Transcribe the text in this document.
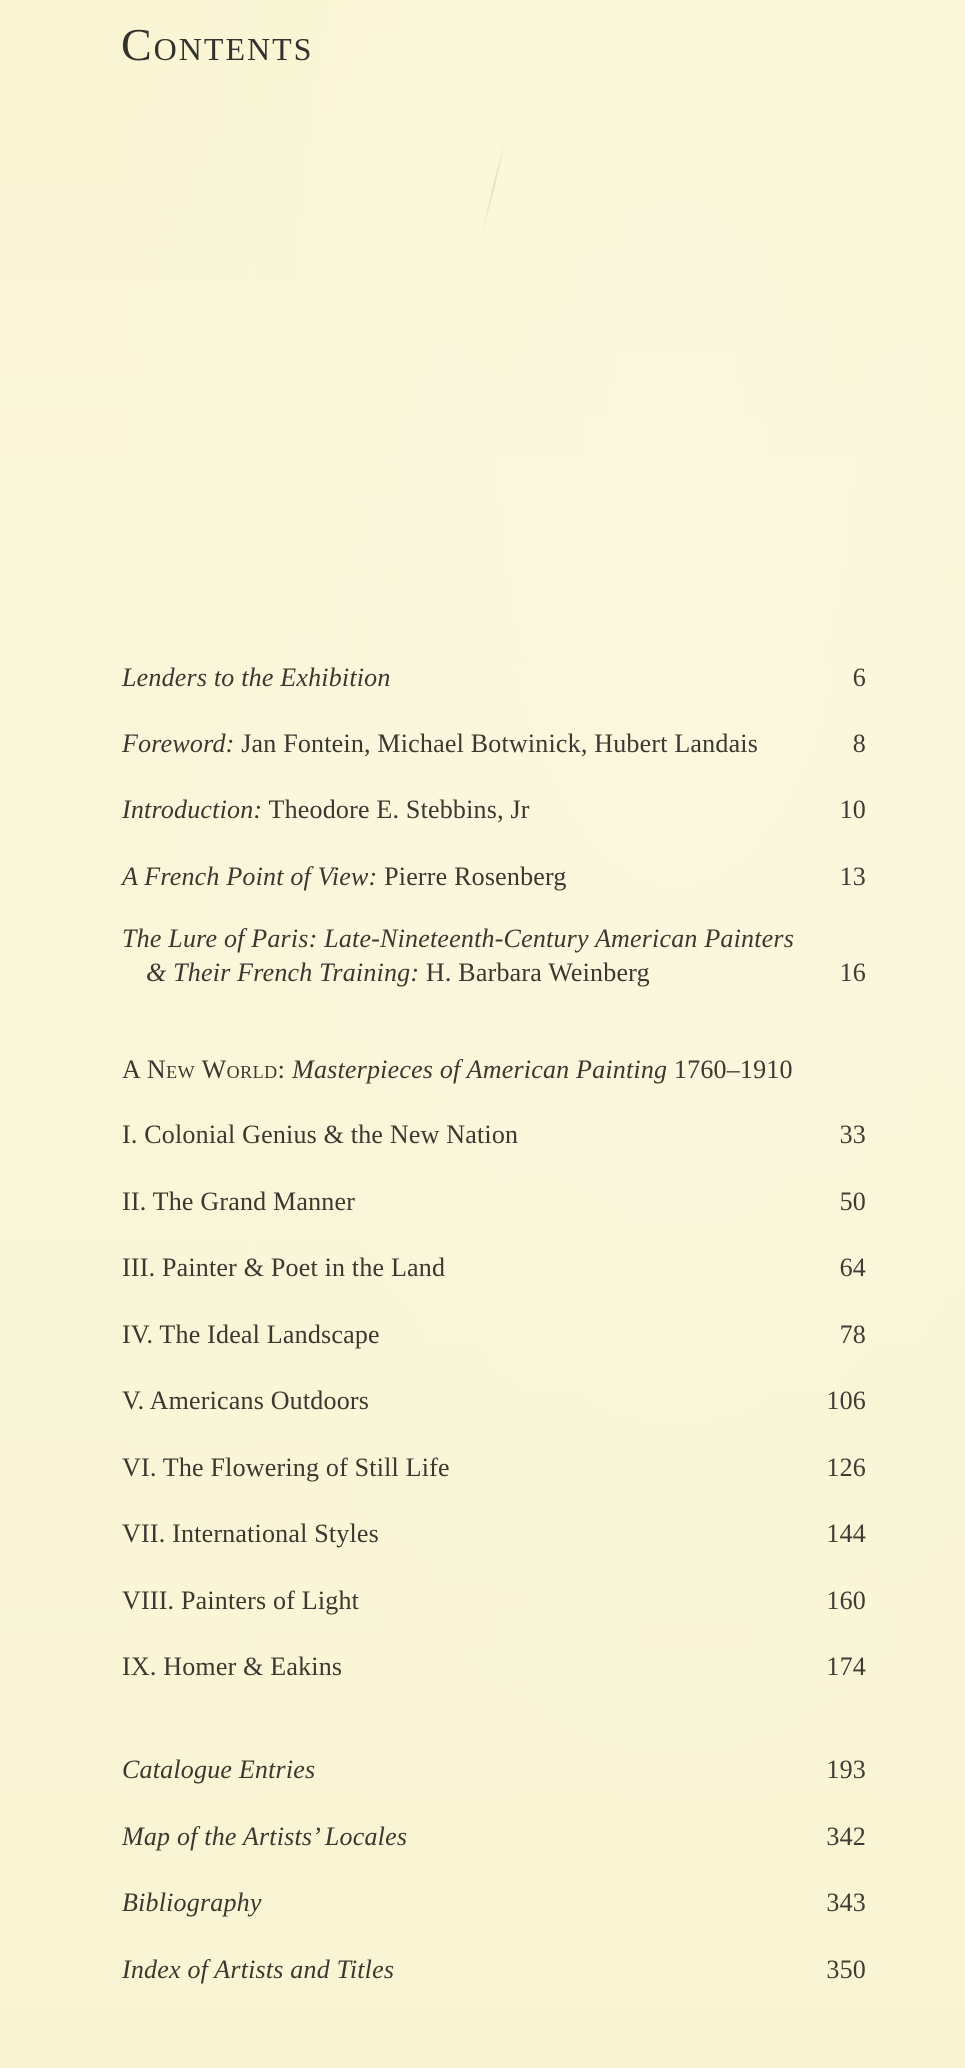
Contents
Lenders to the Exhibition	6
Foreword: Jan Fontein, Michael Botwinick, Hubert Landais	8
Introduction: Theodore E. Stebbins, Jr	10
A French Point of View: Pierre Rosenberg	13
The Lure of Paris: Late-Nineteenth-Century American Painters
& Their French Training: H. Barbara Weinberg	16
A New World: Masterpieces of American Painting 1760–1910
I. Colonial Genius & the New Nation	33
II. The Grand Manner	50
III. Painter & Poet in the Land	64
IV. The Ideal Landscape	78
V. Americans Outdoors	106
VI. The Flowering of Still Life	126
VII. International Styles	144
VIII. Painters of Light	160
IX. Homer & Eakins	174
Catalogue Entries	193
Map of the Artists’ Locales	342
Bibliography	343
Index of Artists and Titles	350
